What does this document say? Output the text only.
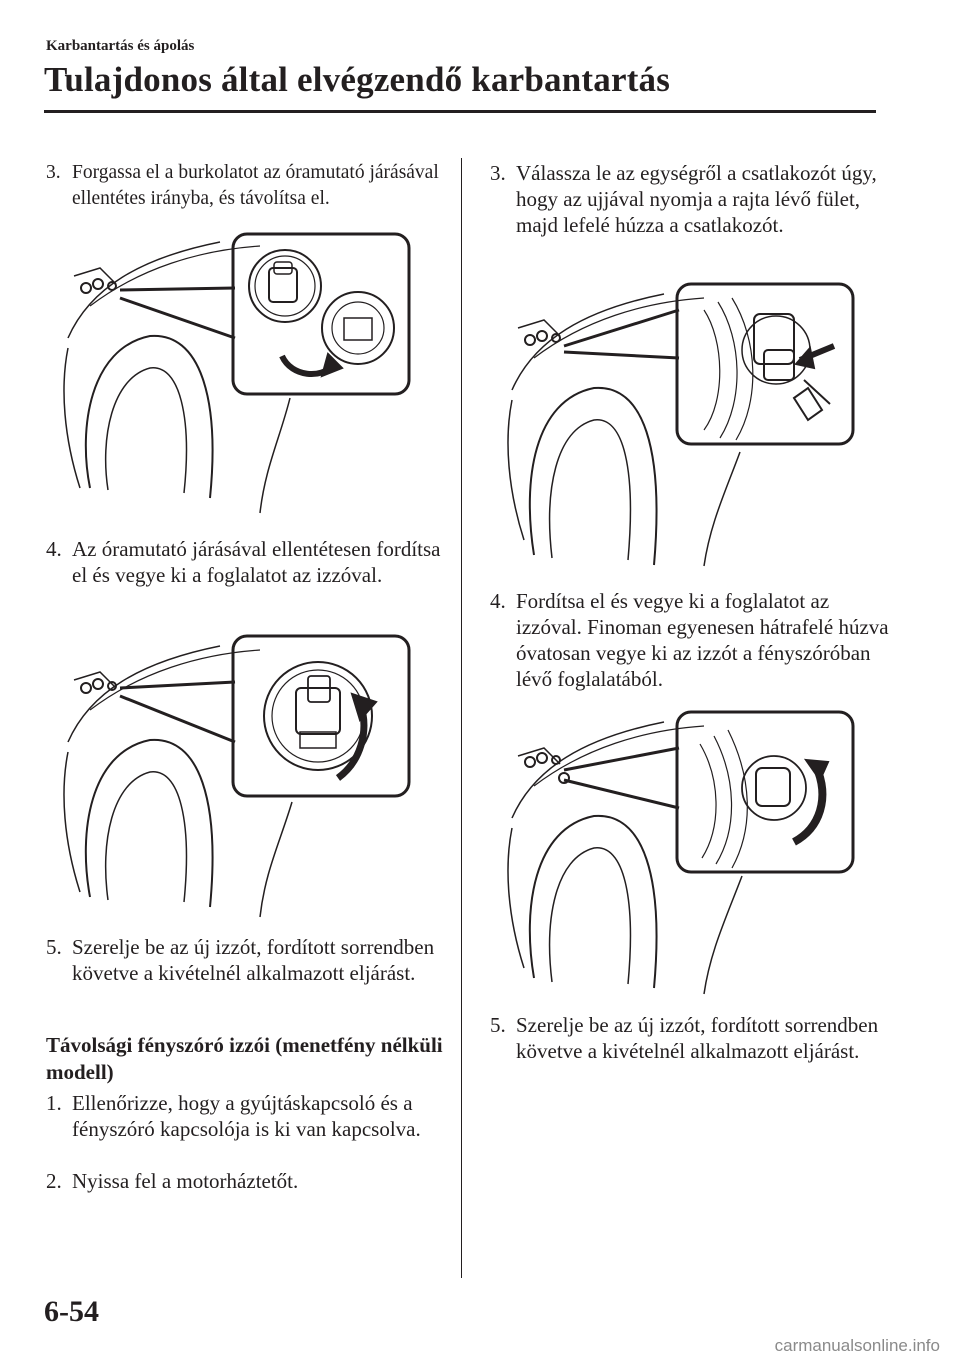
Karbantartás és ápolás
Tulajdonos által elvégzendő karbantartás
3. Forgassa el a burkolatot az óramutató járásával ellentétes irányba, és távolítsa el.
4. Az óramutató járásával ellentétesen fordítsa el és vegye ki a foglalatot az izzóval.
5. Szerelje be az új izzót, fordított sorrendben követve a kivételnél alkalmazott eljárást.
Távolsági fényszóró izzói (menetfény nélküli modell)
1. Ellenőrizze, hogy a gyújtáskapcsoló és a fényszóró kapcsolója is ki van kapcsolva.
2. Nyissa fel a motorháztetőt.
3. Válassza le az egységről a csatlakozót úgy, hogy az ujjával nyomja a rajta lévő fület, majd lefelé húzza a csatlakozót.
4. Fordítsa el és vegye ki a foglalatot az izzóval. Finoman egyenesen hátrafelé húzva óvatosan vegye ki az izzót a fényszóróban lévő foglalatából.
5. Szerelje be az új izzót, fordított sorrendben követve a kivételnél alkalmazott eljárást.
6-54
carmanualsonline.info
